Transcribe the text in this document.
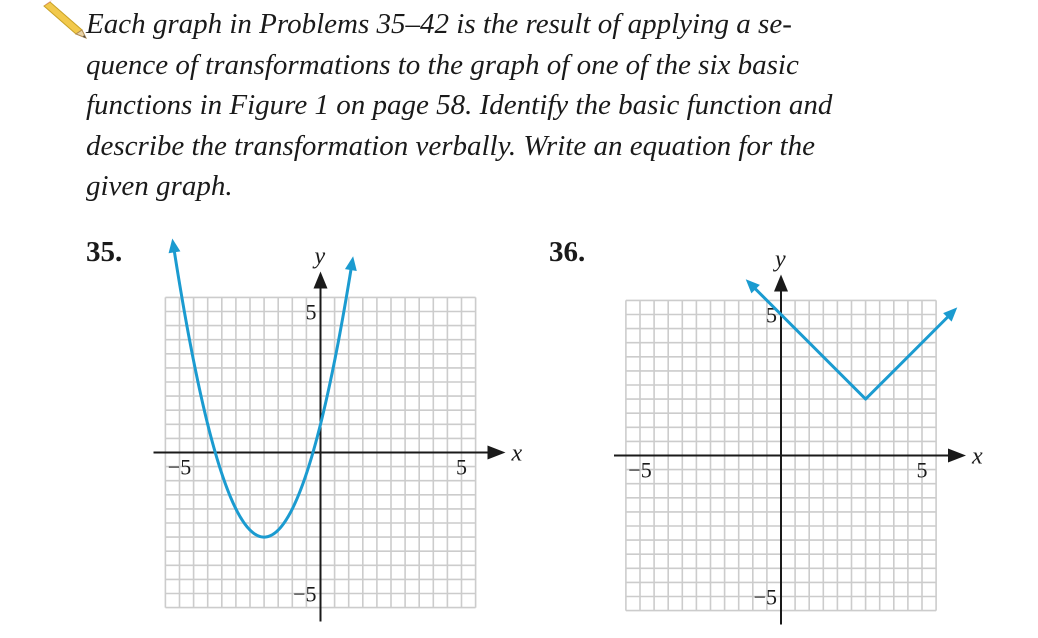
Each graph in Problems 35–42 is the result of applying a se-
quence of transformations to the graph of one of the six basic
functions in Figure 1 on page 58. Identify the basic function and
describe the transformation verbally. Write an equation for the
given graph.
35.	36.
x
y
−5	5
5
−5
x
y
−5	5
5
−5
